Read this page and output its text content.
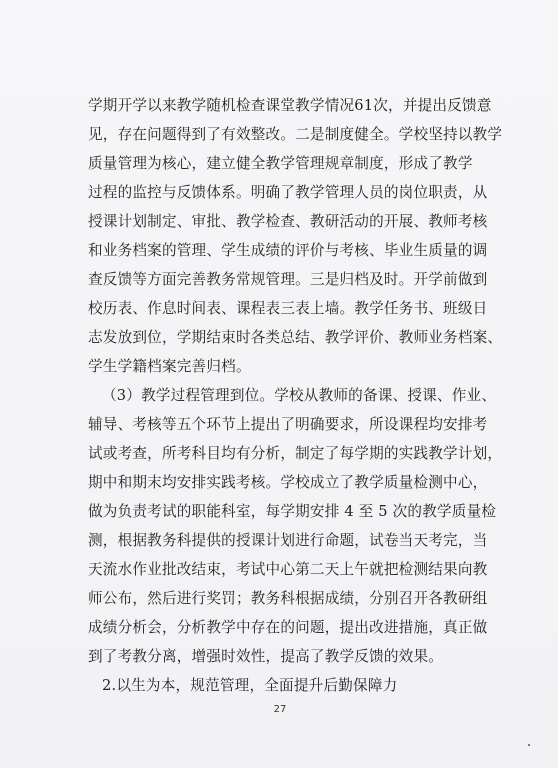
学期开学以来教学随机检查课堂教学情况61次，并提出反馈意
见，存在问题得到了有效整改。二是制度健全。学校坚持以教学
质量管理为核心，建立健全教学管理规章制度，形成了教学
过程的监控与反馈体系。明确了教学管理人员的岗位职责，从
授课计划制定、审批、教学检查、教研活动的开展、教师考核
和业务档案的管理、学生成绩的评价与考核、毕业生质量的调
查反馈等方面完善教务常规管理。三是归档及时。开学前做到
校历表、作息时间表、课程表三表上墙。教学任务书、班级日
志发放到位，学期结束时各类总结、教学评价、教师业务档案、
学生学籍档案完善归档。
（3）教学过程管理到位。学校从教师的备课、授课、作业、
辅导、考核等五个环节上提出了明确要求，所设课程均安排考
试或考查，所考科目均有分析，制定了每学期的实践教学计划，
期中和期末均安排实践考核。学校成立了教学质量检测中心，
做为负责考试的职能科室，每学期安排 4 至 5 次的教学质量检
测，根据教务科提供的授课计划进行命题，试卷当天考完，当
天流水作业批改结束，考试中心第二天上午就把检测结果向教
师公布，然后进行奖罚；教务科根据成绩，分别召开各教研组
成绩分析会，分析教学中存在的问题，提出改进措施，真正做
到了考教分离，增强时效性，提高了教学反馈的效果。
2.以生为本，规范管理，全面提升后勤保障力
27
